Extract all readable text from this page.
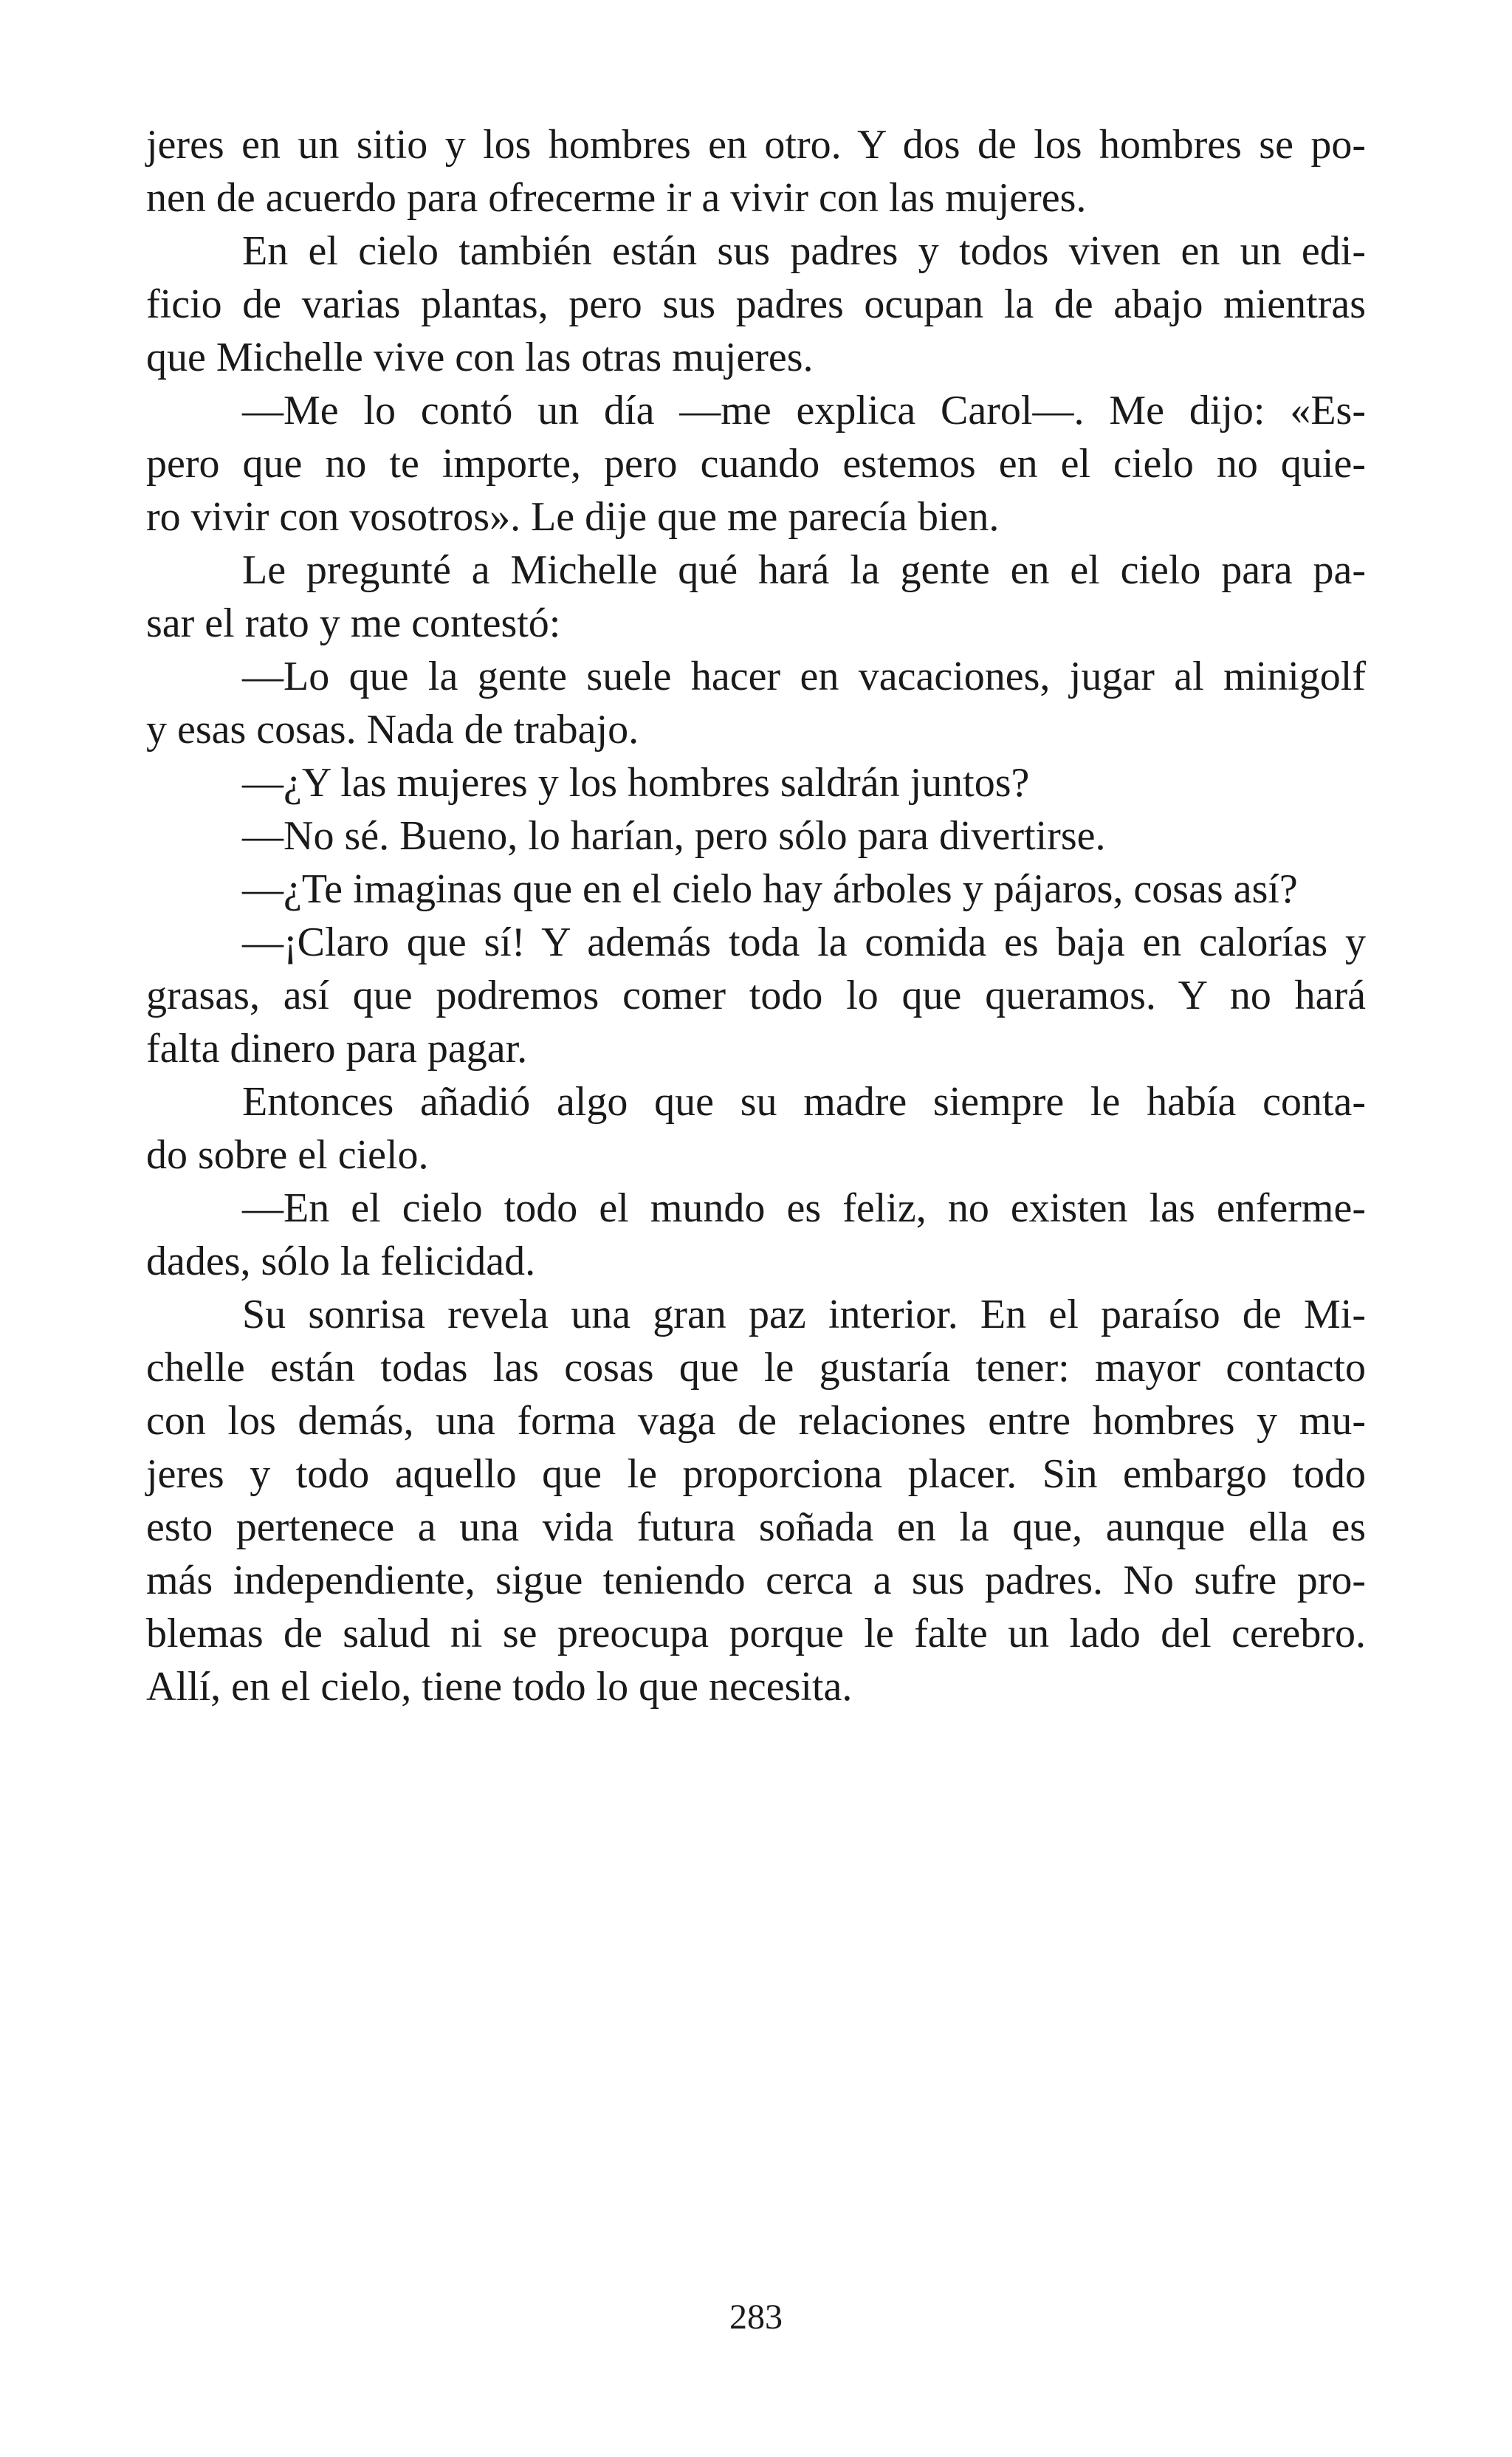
jeres en un sitio y los hombres en otro. Y dos de los hombres se po-
nen de acuerdo para ofrecerme ir a vivir con las mujeres.
En el cielo también están sus padres y todos viven en un edi-
ficio de varias plantas, pero sus padres ocupan la de abajo mientras
que Michelle vive con las otras mujeres.
—Me lo contó un día —me explica Carol—. Me dijo: «Es-
pero que no te importe, pero cuando estemos en el cielo no quie-
ro vivir con vosotros». Le dije que me parecía bien.
Le pregunté a Michelle qué hará la gente en el cielo para pa-
sar el rato y me contestó:
—Lo que la gente suele hacer en vacaciones, jugar al minigolf
y esas cosas. Nada de trabajo.
—¿Y las mujeres y los hombres saldrán juntos?
—No sé. Bueno, lo harían, pero sólo para divertirse.
—¿Te imaginas que en el cielo hay árboles y pájaros, cosas así?
—¡Claro que sí! Y además toda la comida es baja en calorías y
grasas, así que podremos comer todo lo que queramos. Y no hará
falta dinero para pagar.
Entonces añadió algo que su madre siempre le había conta-
do sobre el cielo.
—En el cielo todo el mundo es feliz, no existen las enferme-
dades, sólo la felicidad.
Su sonrisa revela una gran paz interior. En el paraíso de Mi-
chelle están todas las cosas que le gustaría tener: mayor contacto
con los demás, una forma vaga de relaciones entre hombres y mu-
jeres y todo aquello que le proporciona placer. Sin embargo todo
esto pertenece a una vida futura soñada en la que, aunque ella es
más independiente, sigue teniendo cerca a sus padres. No sufre pro-
blemas de salud ni se preocupa porque le falte un lado del cerebro.
Allí, en el cielo, tiene todo lo que necesita.
283
